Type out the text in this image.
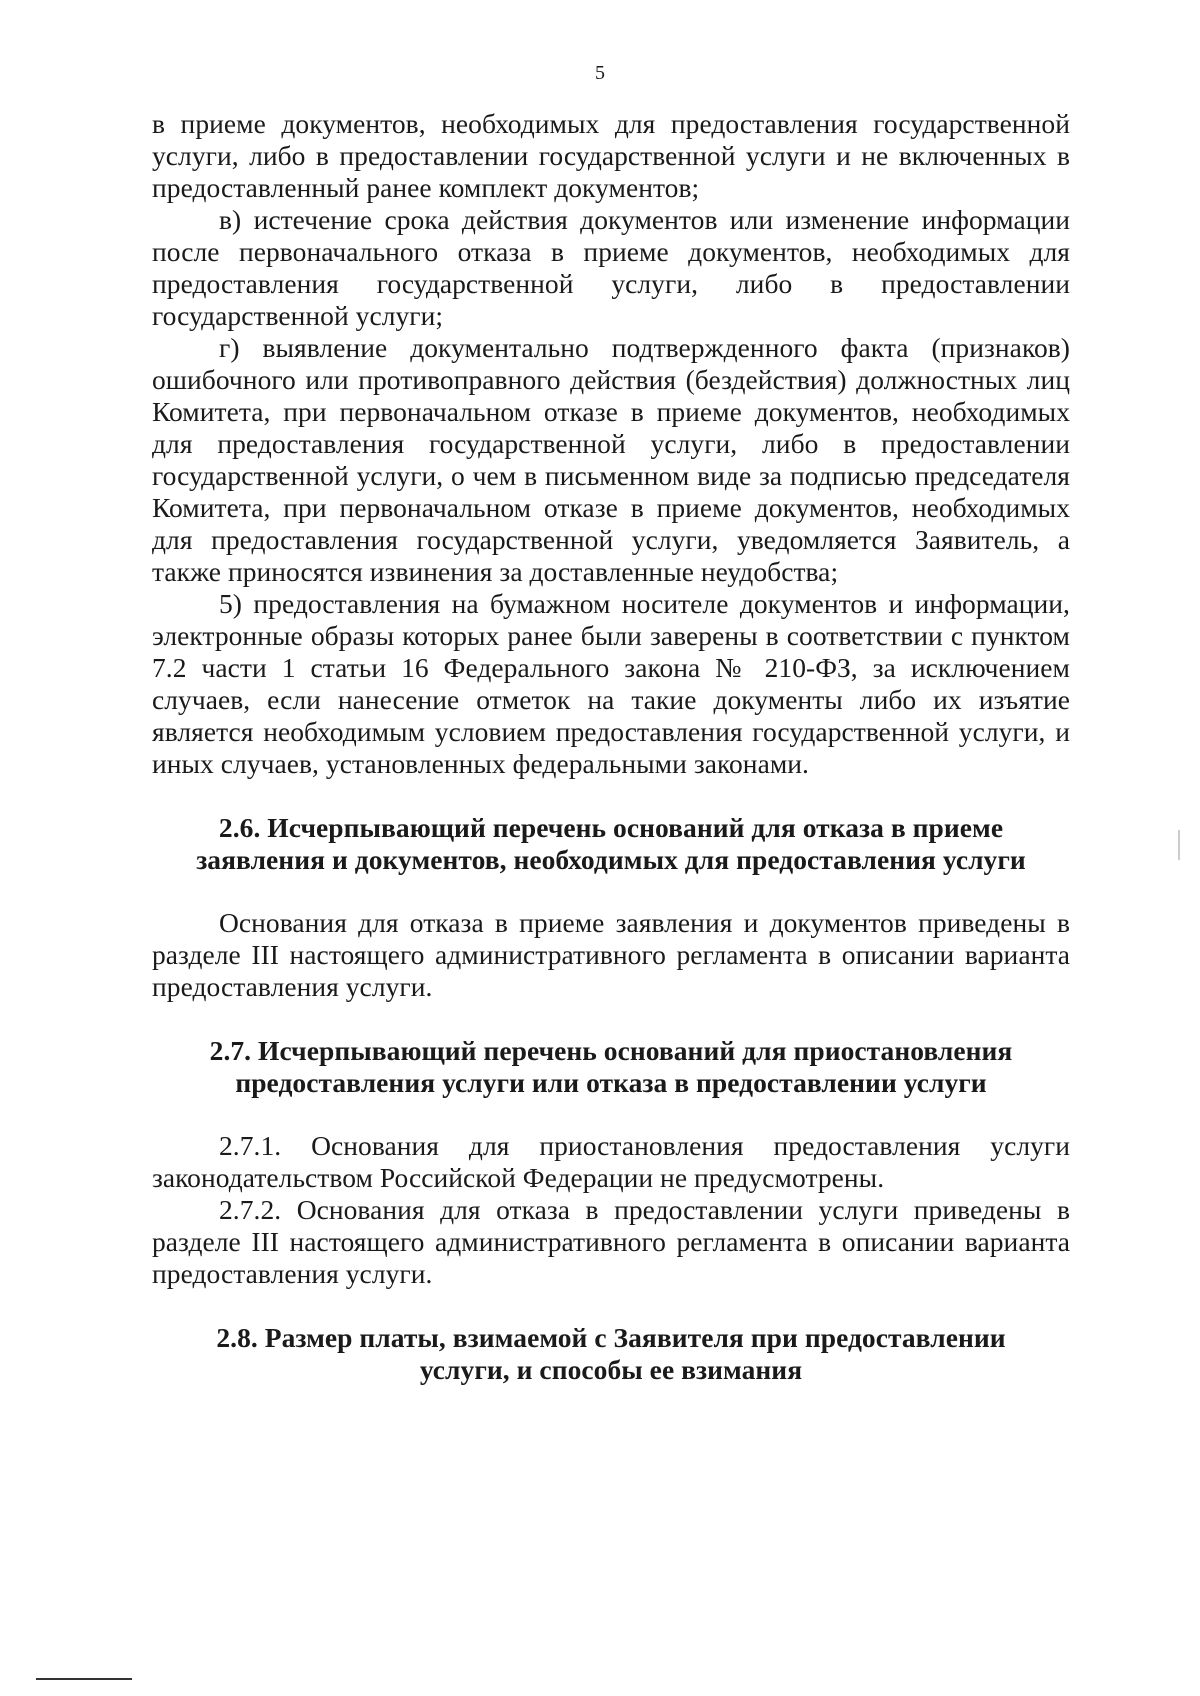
5

в приеме документов, необходимых для предоставления государственной услуги, либо в предоставлении государственной услуги и не включенных в предоставленный ранее комплект документов;

в) истечение срока действия документов или изменение информации после первоначального отказа в приеме документов, необходимых для предоставления государственной услуги, либо в предоставлении государственной услуги;

г) выявление документально подтвержденного факта (признаков) ошибочного или противоправного действия (бездействия) должностных лиц Комитета, при первоначальном отказе в приеме документов, необходимых для предоставления государственной услуги, либо в предоставлении государственной услуги, о чем в письменном виде за подписью председателя Комитета, при первоначальном отказе в приеме документов, необходимых для предоставления государственной услуги, уведомляется Заявитель, а также приносятся извинения за доставленные неудобства;

5) предоставления на бумажном носителе документов и информации, электронные образы которых ранее были заверены в соответствии с пунктом 7.2 части 1 статьи 16 Федерального закона № 210-ФЗ, за исключением случаев, если нанесение отметок на такие документы либо их изъятие является необходимым условием предоставления государственной услуги, и иных случаев, установленных федеральными законами.

2.6. Исчерпывающий перечень оснований для отказа в приеме

заявления и документов, необходимых для предоставления услуги

Основания для отказа в приеме заявления и документов приведены в разделе III настоящего административного регламента в описании варианта предоставления услуги.

2.7. Исчерпывающий перечень оснований для приостановления

предоставления услуги или отказа в предоставлении услуги

2.7.1. Основания для приостановления предоставления услуги законодательством Российской Федерации не предусмотрены.

2.7.2. Основания для отказа в предоставлении услуги приведены в разделе III настоящего административного регламента в описании варианта предоставления услуги.

2.8. Размер платы, взимаемой с Заявителя при предоставлении

услуги, и способы ее взимания
